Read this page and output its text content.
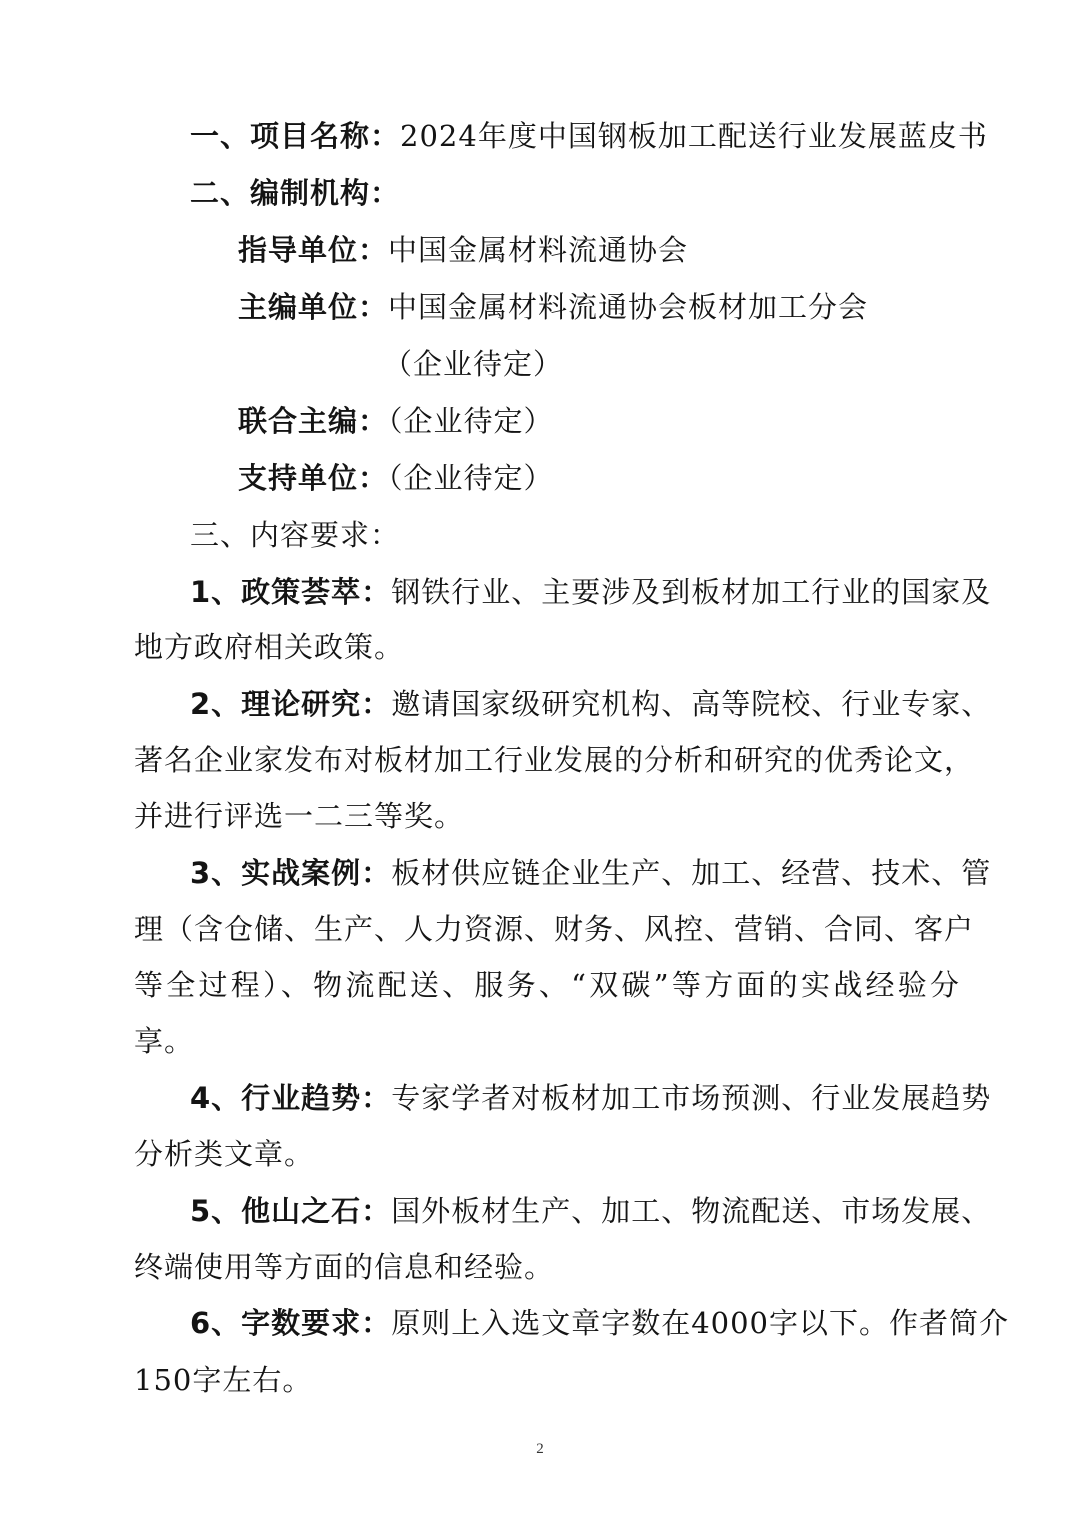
一、项目名称：2024年度中国钢板加工配送行业发展蓝皮书
二、编制机构：
指导单位：中国金属材料流通协会
主编单位：中国金属材料流通协会板材加工分会
（企业待定）
联合主编：（企业待定）
支持单位：（企业待定）
三、内容要求：
1、政策荟萃：钢铁行业、主要涉及到板材加工行业的国家及
地方政府相关政策。
2、理论研究：邀请国家级研究机构、高等院校、行业专家、
著名企业家发布对板材加工行业发展的分析和研究的优秀论文，
并进行评选一二三等奖。
3、实战案例：板材供应链企业生产、加工、经营、技术、管
理（含仓储、生产、人力资源、财务、风控、营销、合同、客户
等全过程）、物流配送、服务、“双碳”等方面的实战经验分
享。
4、行业趋势：专家学者对板材加工市场预测、行业发展趋势
分析类文章。
5、他山之石：国外板材生产、加工、物流配送、市场发展、
终端使用等方面的信息和经验。
6、字数要求：原则上入选文章字数在4000字以下。作者简介
150字左右。
2
